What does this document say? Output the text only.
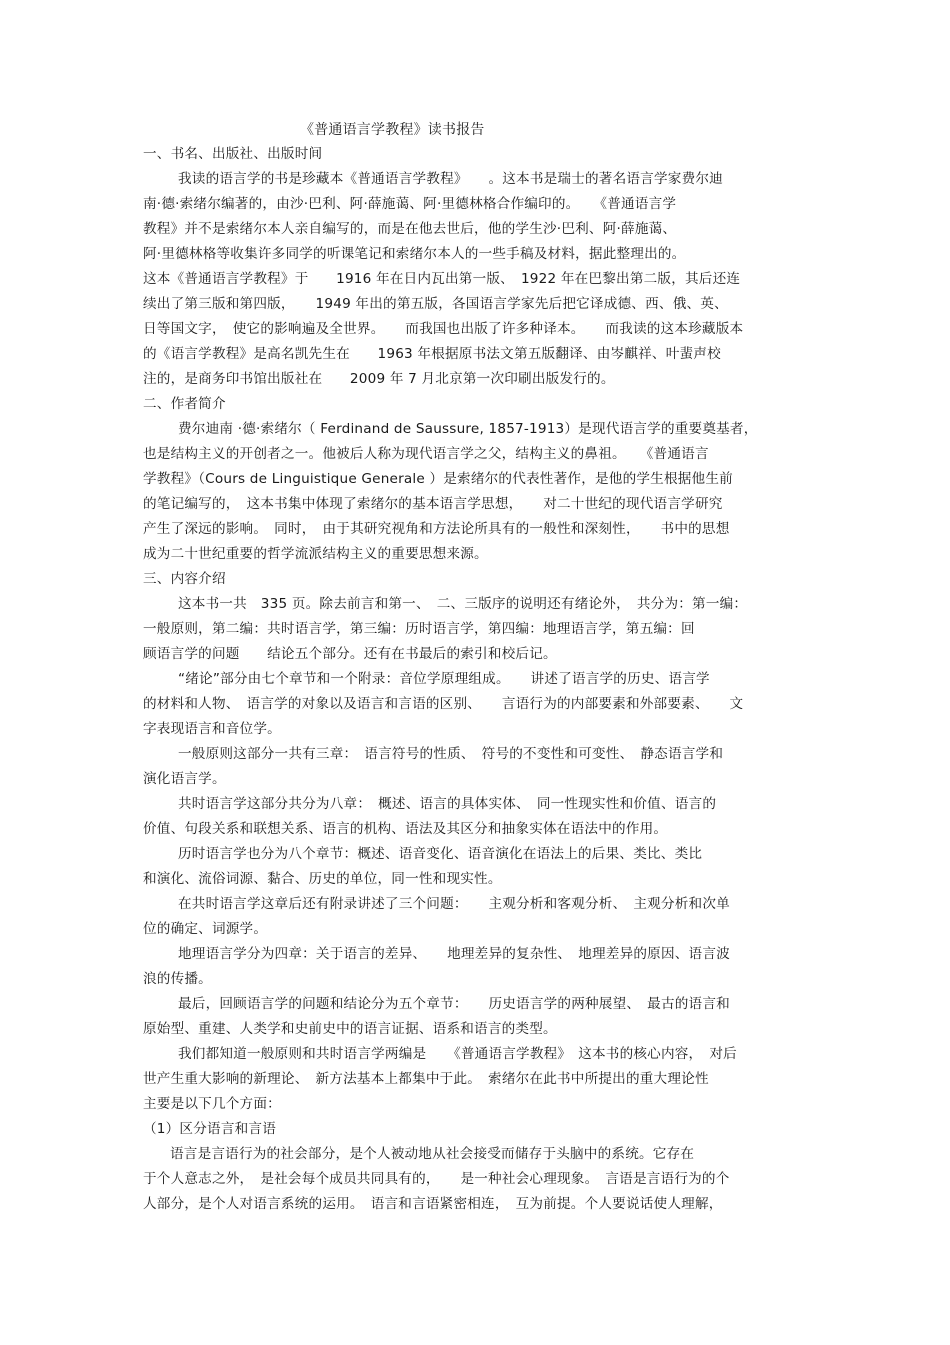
《普通语言学教程》读书报告
一、书名、出版社、出版时间
我读的语言学的书是珍藏本《普通语言学教程》　　。这本书是瑞士的著名语言学家费尔迪
南·德·索绪尔编著的，由沙·巴利、阿·薛施蔼、阿·里德林格合作编印的。　　《普通语言学
教程》并不是索绪尔本人亲自编写的，而是在他去世后，他的学生沙·巴利、阿·薛施蔼、
阿·里德林格等收集许多同学的听课笔记和索绪尔本人的一些手稿及材料，据此整理出的。
这本《普通语言学教程》于　　1916 年在日内瓦出第一版、　1922 年在巴黎出第二版，其后还连
续出了第三版和第四版，　　1949 年出的第五版，各国语言学家先后把它译成德、西、俄、英、
日等国文字，　使它的影响遍及全世界。　　而我国也出版了许多种译本。　　而我读的这本珍藏版本
的《语言学教程》是高名凯先生在　　1963 年根据原书法文第五版翻译、由岑麒祥、叶蜚声校
注的，是商务印书馆出版社在　　2009 年 7 月北京第一次印刷出版发行的。
二、作者简介
费尔迪南 ·德·索绪尔（ Ferdinand de Saussure, 1857-1913）是现代语言学的重要奠基者，
也是结构主义的开创者之一。他被后人称为现代语言学之父，结构主义的鼻祖。　　《普通语言
学教程》（Cours de Linguistique Generale ）是索绪尔的代表性著作，是他的学生根据他生前
的笔记编写的，　这本书集中体现了索绪尔的基本语言学思想，　　对二十世纪的现代语言学研究
产生了深远的影响。　同时，　由于其研究视角和方法论所具有的一般性和深刻性，　　书中的思想
成为二十世纪重要的哲学流派结构主义的重要思想来源。
三、内容介绍
这本书一共　335 页。除去前言和第一、　二、三版序的说明还有绪论外，　共分为：第一编：
一般原则，第二编：共时语言学，第三编：历时语言学，第四编：地理语言学，第五编：回
顾语言学的问题　　结论五个部分。还有在书最后的索引和校后记。
“绪论”部分由七个章节和一个附录：音位学原理组成。　　讲述了语言学的历史、语言学
的材料和人物、　语言学的对象以及语言和言语的区别、　　言语行为的内部要素和外部要素、　　文
字表现语言和音位学。
一般原则这部分一共有三章：　语言符号的性质、　符号的不变性和可变性、　静态语言学和
演化语言学。
共时语言学这部分共分为八章：　概述、语言的具体实体、　同一性现实性和价值、语言的
价值、句段关系和联想关系、语言的机构、语法及其区分和抽象实体在语法中的作用。
历时语言学也分为八个章节：概述、语音变化、语音演化在语法上的后果、类比、类比
和演化、流俗词源、黏合、历史的单位，同一性和现实性。
在共时语言学这章后还有附录讲述了三个问题：　　主观分析和客观分析、　主观分析和次单
位的确定、词源学。
地理语言学分为四章：关于语言的差异、　　地理差异的复杂性、　地理差异的原因、语言波
浪的传播。
最后，回顾语言学的问题和结论分为五个章节：　　历史语言学的两种展望、　最古的语言和
原始型、重建、人类学和史前史中的语言证据、语系和语言的类型。
我们都知道一般原则和共时语言学两编是　　《普通语言学教程》　这本书的核心内容，　对后
世产生重大影响的新理论、　新方法基本上都集中于此。　索绪尔在此书中所提出的重大理论性
主要是以下几个方面：
（1）区分语言和言语
语言是言语行为的社会部分，是个人被动地从社会接受而储存于头脑中的系统。它存在
于个人意志之外，　是社会每个成员共同具有的，　　是一种社会心理现象。　言语是言语行为的个
人部分，是个人对语言系统的运用。　语言和言语紧密相连，　互为前提。个人要说话使人理解，
